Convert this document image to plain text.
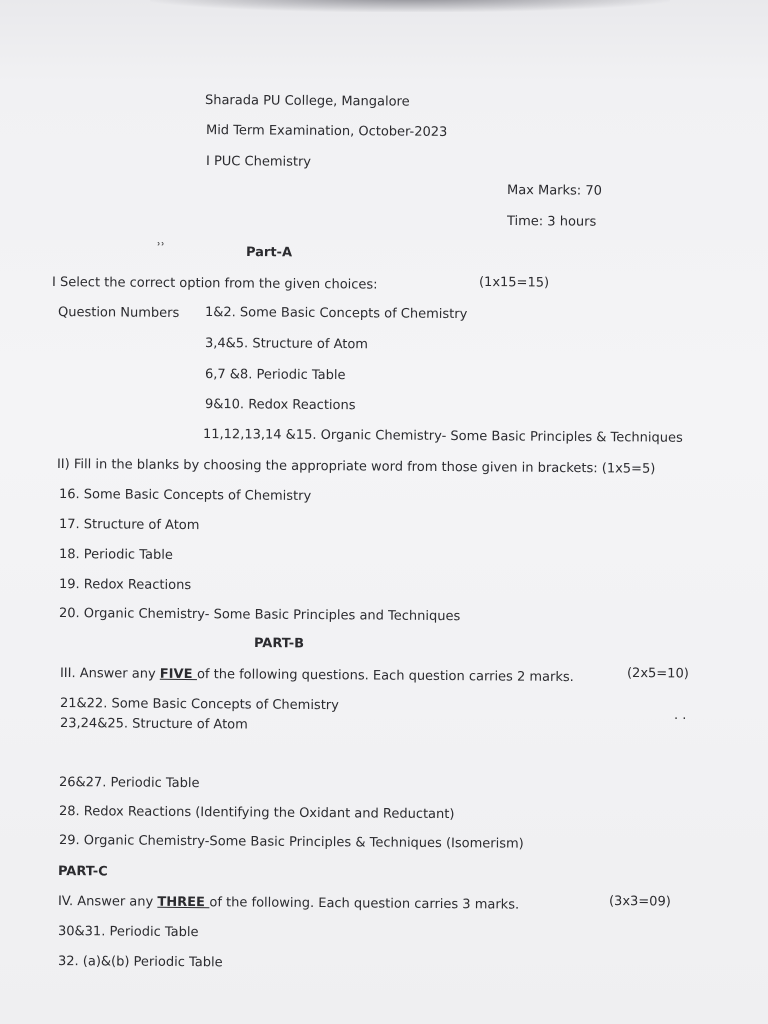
Sharada PU College, Mangalore
Mid Term Examination, October-2023
I PUC Chemistry
Max Marks: 70
Time: 3 hours
˒˒
· ·
Part-A
I Select the correct option from the given choices:	(1x15=15)
Question Numbers 1&2. Some Basic Concepts of Chemistry
3,4&5. Structure of Atom
6,7 &8. Periodic Table
9&10. Redox Reactions
11,12,13,14 &15. Organic Chemistry- Some Basic Principles & Techniques
II) Fill in the blanks by choosing the appropriate word from those given in brackets: (1x5=5)
16. Some Basic Concepts of Chemistry
17. Structure of Atom
18. Periodic Table
19. Redox Reactions
20. Organic Chemistry- Some Basic Principles and Techniques
PART-B
III. Answer any FIVE of the following questions. Each question carries 2 marks.	(2x5=10)
21&22. Some Basic Concepts of Chemistry
23,24&25. Structure of Atom
26&27. Periodic Table
28. Redox Reactions (Identifying the Oxidant and Reductant)
29. Organic Chemistry-Some Basic Principles & Techniques (Isomerism)
PART-C
IV. Answer any THREE of the following. Each question carries 3 marks.	(3x3=09)
30&31. Periodic Table
32. (a)&(b) Periodic Table
